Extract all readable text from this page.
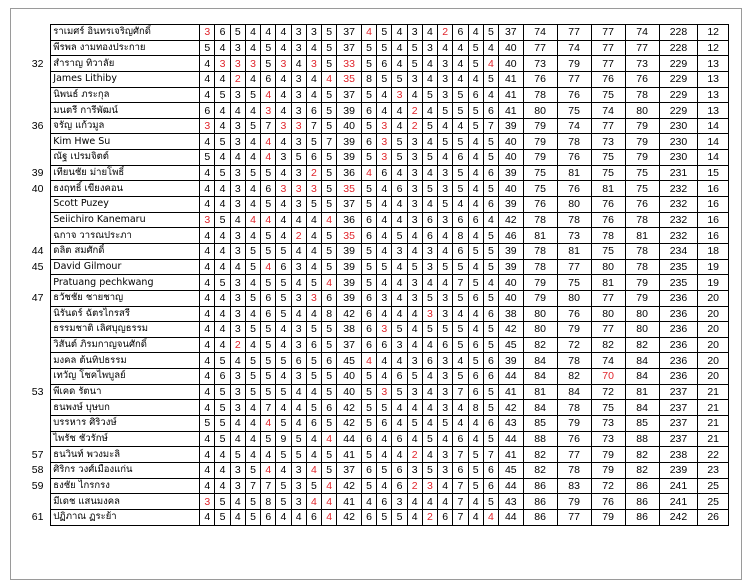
	ราเมศร์ อินทรเจริญศักดิ์	3	6	5	4	4	4	3	3	5	37	4	5	4	3	4	2	6	4	5	37	74	77	77	74	228	12
	พีรพล งามทองประกาย	5	4	3	4	5	4	3	4	5	37	5	5	4	5	3	4	4	5	4	40	77	74	77	77	228	12
32	สำราญ ทิวาลัย	4	3	3	3	5	3	4	3	5	33	5	6	4	5	4	3	4	5	4	40	73	79	77	73	229	13
	James Lithiby	4	4	2	4	6	4	3	4	4	35	8	5	5	3	4	3	4	4	5	41	76	77	76	76	229	13
	นิพนธ์ ภระกุล	4	5	3	5	4	4	3	4	5	37	5	4	3	4	5	3	5	6	4	41	78	76	75	78	229	13
	มนตรี การีพัฒน์	6	4	4	4	3	4	3	6	5	39	6	4	4	2	4	5	5	5	6	41	80	75	74	80	229	13
36	จรัญ แก้วมูล	3	4	3	5	7	3	3	7	5	40	5	3	4	2	5	4	4	5	7	39	79	74	77	79	230	14
	Kim Hwe Su	4	5	3	4	4	4	3	5	7	39	6	3	5	3	4	5	5	4	5	40	79	78	73	79	230	14
	ณัฐ เปรมจิตต์	5	4	4	4	4	3	5	6	5	39	5	3	5	3	5	4	6	4	5	40	79	76	75	79	230	14
39	เทียนชัย ม่ายโพธิ์	4	5	3	5	5	4	3	2	5	36	4	6	4	3	4	3	5	4	6	39	75	81	75	75	231	15
40	ธงฤทธิ์ เขียงคอน	4	4	3	4	6	3	3	3	5	35	5	4	6	3	5	3	5	4	5	40	75	76	81	75	232	16
	Scott Puzey	4	4	3	4	5	4	3	5	5	37	5	4	4	3	4	5	4	4	6	39	76	80	76	76	232	16
	Seiichiro Kanemaru	3	5	4	4	4	4	4	4	4	36	6	4	4	3	6	3	6	6	4	42	78	78	76	78	232	16
	ฉกาจ วารณประภา	4	4	3	4	5	4	2	4	5	35	6	4	5	4	6	4	8	4	5	46	81	73	78	81	232	16
44	ดลิต สมศักดิ์	4	4	3	5	5	5	4	4	5	39	5	4	3	4	3	4	6	5	5	39	78	81	75	78	234	18
45	David Gilmour	4	4	4	5	4	6	3	4	5	39	5	5	4	5	3	5	5	4	5	39	78	77	80	78	235	19
	Pratuang pechkwang	4	5	3	4	5	5	4	5	4	39	5	4	4	3	4	4	7	5	4	40	79	75	81	79	235	19
47	ธวัชชัย ชายชาญ	4	4	3	5	6	5	3	3	6	39	6	3	4	3	5	3	5	6	5	40	79	80	77	79	236	20
	นิรันดร์ ฉัตรไกรสรี	4	4	3	4	6	5	4	4	8	42	6	4	4	4	3	3	4	4	6	38	80	76	80	80	236	20
	ธรรมชาติ เลิศบุญธรรม	4	4	3	5	5	4	3	5	5	38	6	3	5	4	5	5	5	4	5	42	80	79	77	80	236	20
	วิสันต์ ภิรมกาญจนศักดิ์	4	4	2	4	5	4	3	6	5	37	6	6	3	4	4	6	5	6	5	45	82	72	82	82	236	20
	มงคล ต้นทิปธรรม	4	5	4	5	5	5	6	5	6	45	4	4	4	3	6	3	4	5	6	39	84	78	74	84	236	20
	เทวัญ โชคไพบูลย์	4	6	3	5	5	4	3	5	5	40	5	4	6	5	4	3	5	6	6	44	84	82	70	84	236	20
53	พีเคด รัตนา	4	5	3	5	5	5	4	4	5	40	5	3	5	3	4	3	7	6	5	41	81	84	72	81	237	21
	ธนพงษ์ บุษบก	4	5	3	4	7	4	4	5	6	42	5	5	4	4	4	3	4	8	5	42	84	78	75	84	237	21
	บรรหาร ศิริวงษ์	5	5	4	4	4	5	4	6	5	42	5	6	4	5	4	5	4	4	6	43	85	79	73	85	237	21
	ไพรัช ชัวรักษ์	4	5	4	4	5	9	5	4	4	44	6	4	6	4	5	4	6	4	5	44	88	76	73	88	237	21
57	ธนวินท์ พวงมะลิ	4	4	5	4	4	5	5	4	5	41	5	4	4	2	4	3	7	5	7	41	82	77	79	82	238	22
58	ศิริกร วงศ์เมืองแก่น	4	4	3	5	4	4	3	4	5	37	6	5	6	3	5	3	6	5	6	45	82	78	79	82	239	23
59	ธงชัย ไกรกรง	4	4	3	7	7	5	3	5	4	42	5	4	6	2	3	4	7	5	6	44	86	83	72	86	241	25
	มีเดช แสนมงคล	3	5	4	5	8	5	3	4	4	41	4	6	3	4	4	4	7	4	5	43	86	79	76	86	241	25
61	ปฏิภาณ ฏระย้า	4	5	4	5	6	4	4	6	4	42	6	5	5	4	2	6	7	4	4	44	86	77	79	86	242	26
